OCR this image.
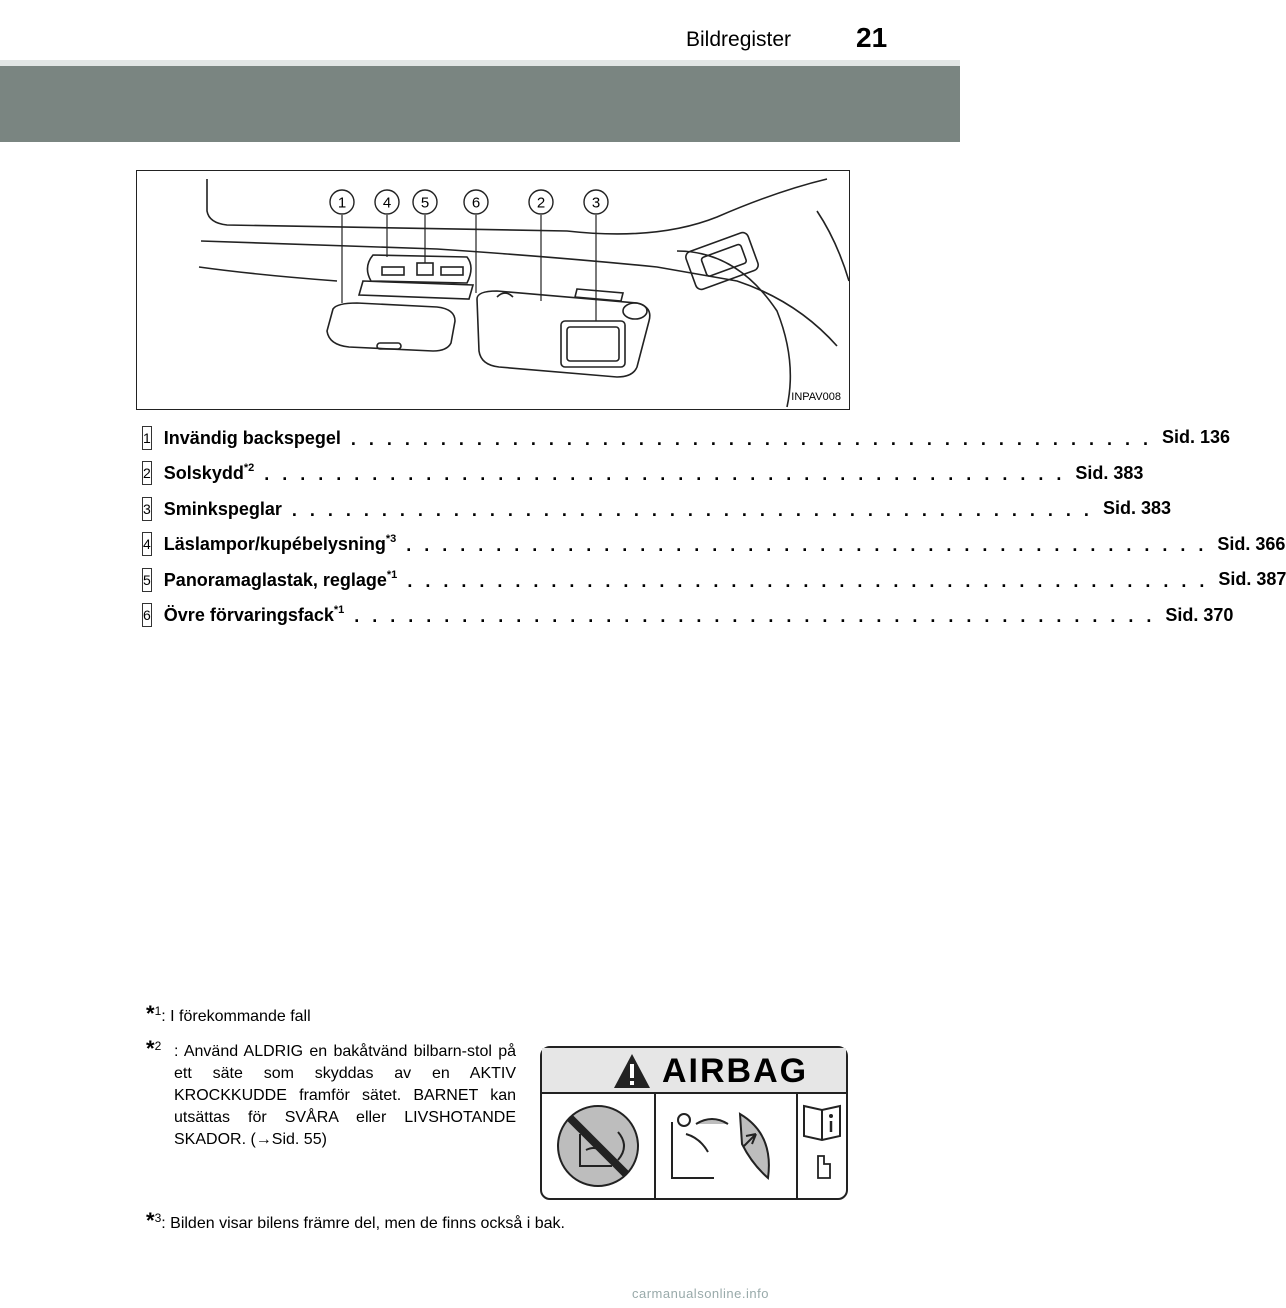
Bildregister 21
1 4 5	6	2	3
INPAV008
1 Invändig backspegel . . . . . . . . . . . . . . . . . . . . . . . . . . . . . . . . . . . . . . . . . . . . . Sid. 136
2 Solskydd$^{*2}$ . . . . . . . . . . . . . . . . . . . . . . . . . . . . . . . . . . . . . . . . . . . . . Sid. 383
3 Sminkspeglar . . . . . . . . . . . . . . . . . . . . . . . . . . . . . . . . . . . . . . . . . . . . . Sid. 383
4 Läslampor/kupébelysning$^{*3}$ . . . . . . . . . . . . . . . . . . . . . . . . . . . . . . . . . . . . . . . . . . . . . Sid. 366
5 Panoramaglastak, reglage$^{*1}$ . . . . . . . . . . . . . . . . . . . . . . . . . . . . . . . . . . . . . . . . . . . . . Sid. 387
6 Övre förvaringsfack$^{*1}$ . . . . . . . . . . . . . . . . . . . . . . . . . . . . . . . . . . . . . . . . . . . . . Sid. 370
*$^1$: I förekommande fall
*$^2$ : Använd ALDRIG en bakåtvänd bilbarn-stol på ett säte som skyddas av en AKTIV KROCKKUDDE framför sätet. BARNET kan utsättas för SVÅRA eller LIVSHOTANDE SKADOR. (→Sid. 55)
AIRBAG
*$^3$: Bilden visar bilens främre del, men de finns också i bak.
carmanualsonline.info
